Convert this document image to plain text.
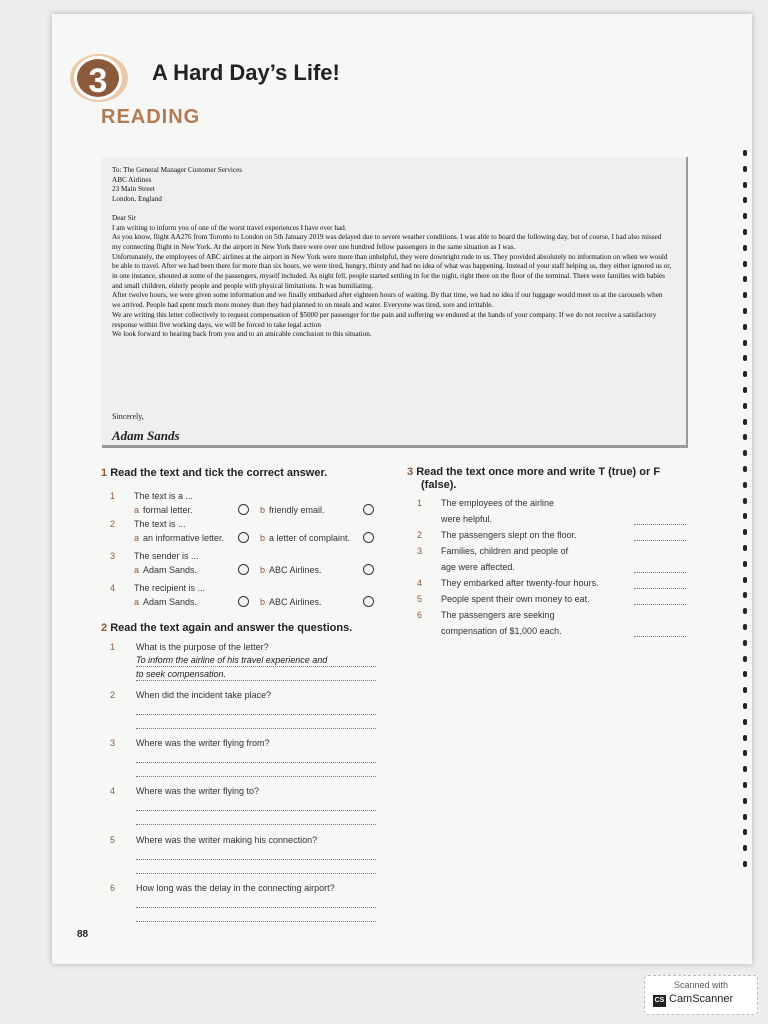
3	A Hard Day’s Life!
READING

To: The General Manager Customer Services

ABC Airlines

23 Main Street

London, England

Dear Sir

I am writing to inform you of one of the worst travel experiences I have ever had.

As you know, flight AA276 from Toronto to London on 5th January 2019 was delayed due to severe weather conditions. I was able to board the following day, but of course, I had also missed my connecting flight in New York. At the airport in New York there were over one hundred fellow passengers in the same situation as I was.

Unfortunately, the employees of ABC airlines at the airport in New York were more than unhelpful, they were downright rude to us. They provided absolutely no information on when we would be able to travel. After we had been there for more than six hours, we were tired, hungry, thirsty and had no idea of what was happening. Instead of your staff helping us, they either ignored us or, in one instance, shouted at some of the passengers, myself included. As night fell, people started settling in for the night, right there on the floor of the terminal. There were families with babies and small children, elderly people and people with physical limitations. It was humiliating.

After twelve hours, we were given some information and we finally embarked after eighteen hours of waiting. By that time, we had no idea if our luggage would meet us at the carousels when we arrived. People had spent much more money than they had planned to on meals and water. Everyone was tired, sore and irritable.

We are writing this letter collectively to request compensation of $5000 per passenger for the pain and suffering we endured at the hands of your company. If we do not receive a satisfactory response within five working days, we will be forced to take legal action

We look forward to hearing back from you and to an amicable conclusion to this situation.

Sincerely,
Adam Sands
1 Read the text and tick the correct answer.
2 Read the text again and answer the questions.
3 Read the text once more and write T (true) or F
(false).
88
Scanned with
CS CamScanner
1 The text is a ...
a formal letter.	b friendly email.
2 The text is ...
a an informative letter.	b a letter of complaint.
3 The sender is ...
a Adam Sands.	b ABC Airlines.
4 The recipient is ...
a Adam Sands.	b ABC Airlines.
1 What is the purpose of the letter?
To inform the airline of his travel experience and
to seek compensation.
2 When did the incident take place?
3 Where was the writer flying from?
4 Where was the writer flying to?
5 Where was the writer making his connection?
6 How long was the delay in the connecting airport?
1 The employees of the airline
were helpful.
2 The passengers slept on the floor.
3 Families, children and people of
age were affected.
4 They embarked after twenty-four hours.
5 People spent their own money to eat.
6 The passengers are seeking
compensation of $1,000 each.
